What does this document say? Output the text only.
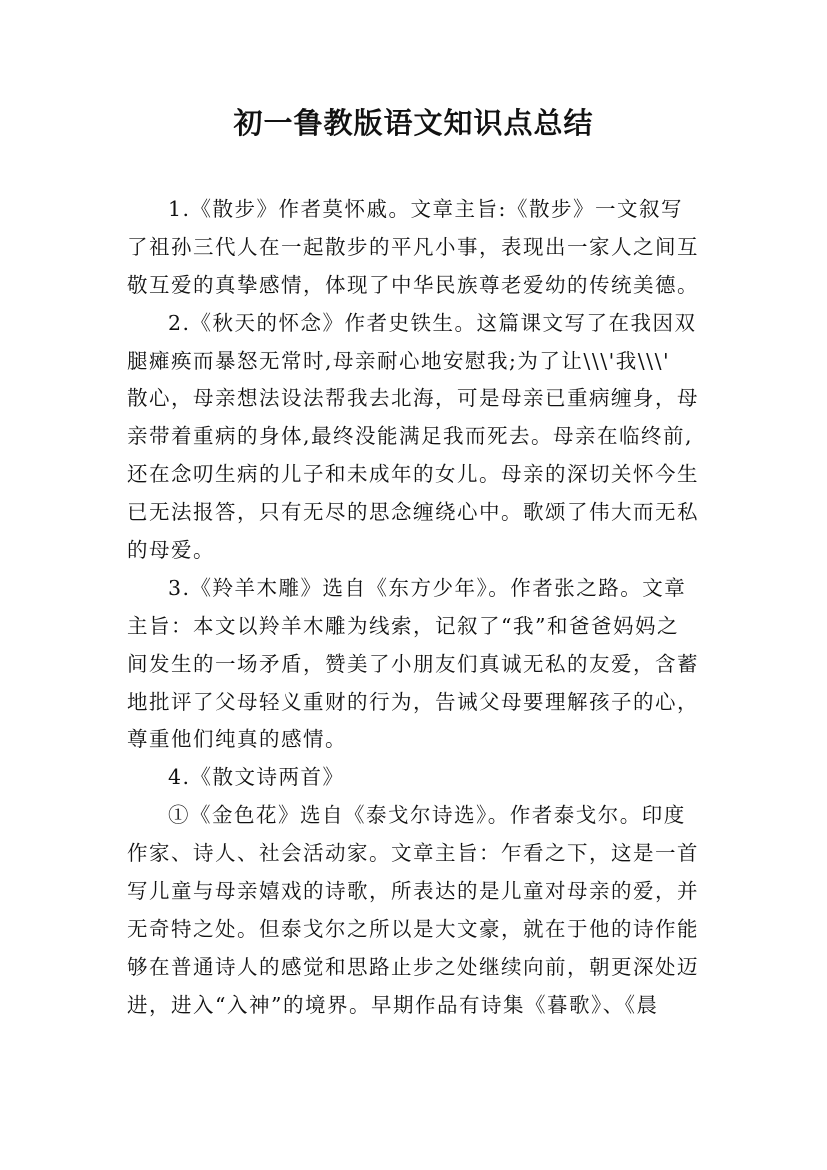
初一鲁教版语文知识点总结
1.《散步》作者莫怀戚。文章主旨:《散步》一文叙写
了祖孙三代人在一起散步的平凡小事，表现出一家人之间互
敬互爱的真挚感情，体现了中华民族尊老爱幼的传统美德。
2.《秋天的怀念》作者史铁生。这篇课文写了在我因双
腿瘫痪而暴怒无常时,母亲耐心地安慰我;为了让\\\'我\\\'
散心，母亲想法设法帮我去北海，可是母亲已重病缠身，母
亲带着重病的身体,最终没能满足我而死去。母亲在临终前,
还在念叨生病的儿子和未成年的女儿。母亲的深切关怀今生
已无法报答，只有无尽的思念缠绕心中。歌颂了伟大而无私
的母爱。
3.《羚羊木雕》选自《东方少年》。作者张之路。文章
主旨：本文以羚羊木雕为线索，记叙了“我”和爸爸妈妈之
间发生的一场矛盾，赞美了小朋友们真诚无私的友爱，含蓄
地批评了父母轻义重财的行为，告诫父母要理解孩子的心，
尊重他们纯真的感情。
4.《散文诗两首》
①《金色花》选自《泰戈尔诗选》。作者泰戈尔。印度
作家、诗人、社会活动家。文章主旨：乍看之下，这是一首
写儿童与母亲嬉戏的诗歌，所表达的是儿童对母亲的爱，并
无奇特之处。但泰戈尔之所以是大文豪，就在于他的诗作能
够在普通诗人的感觉和思路止步之处继续向前，朝更深处迈
进，进入“入神”的境界。早期作品有诗集《暮歌》、《晨
